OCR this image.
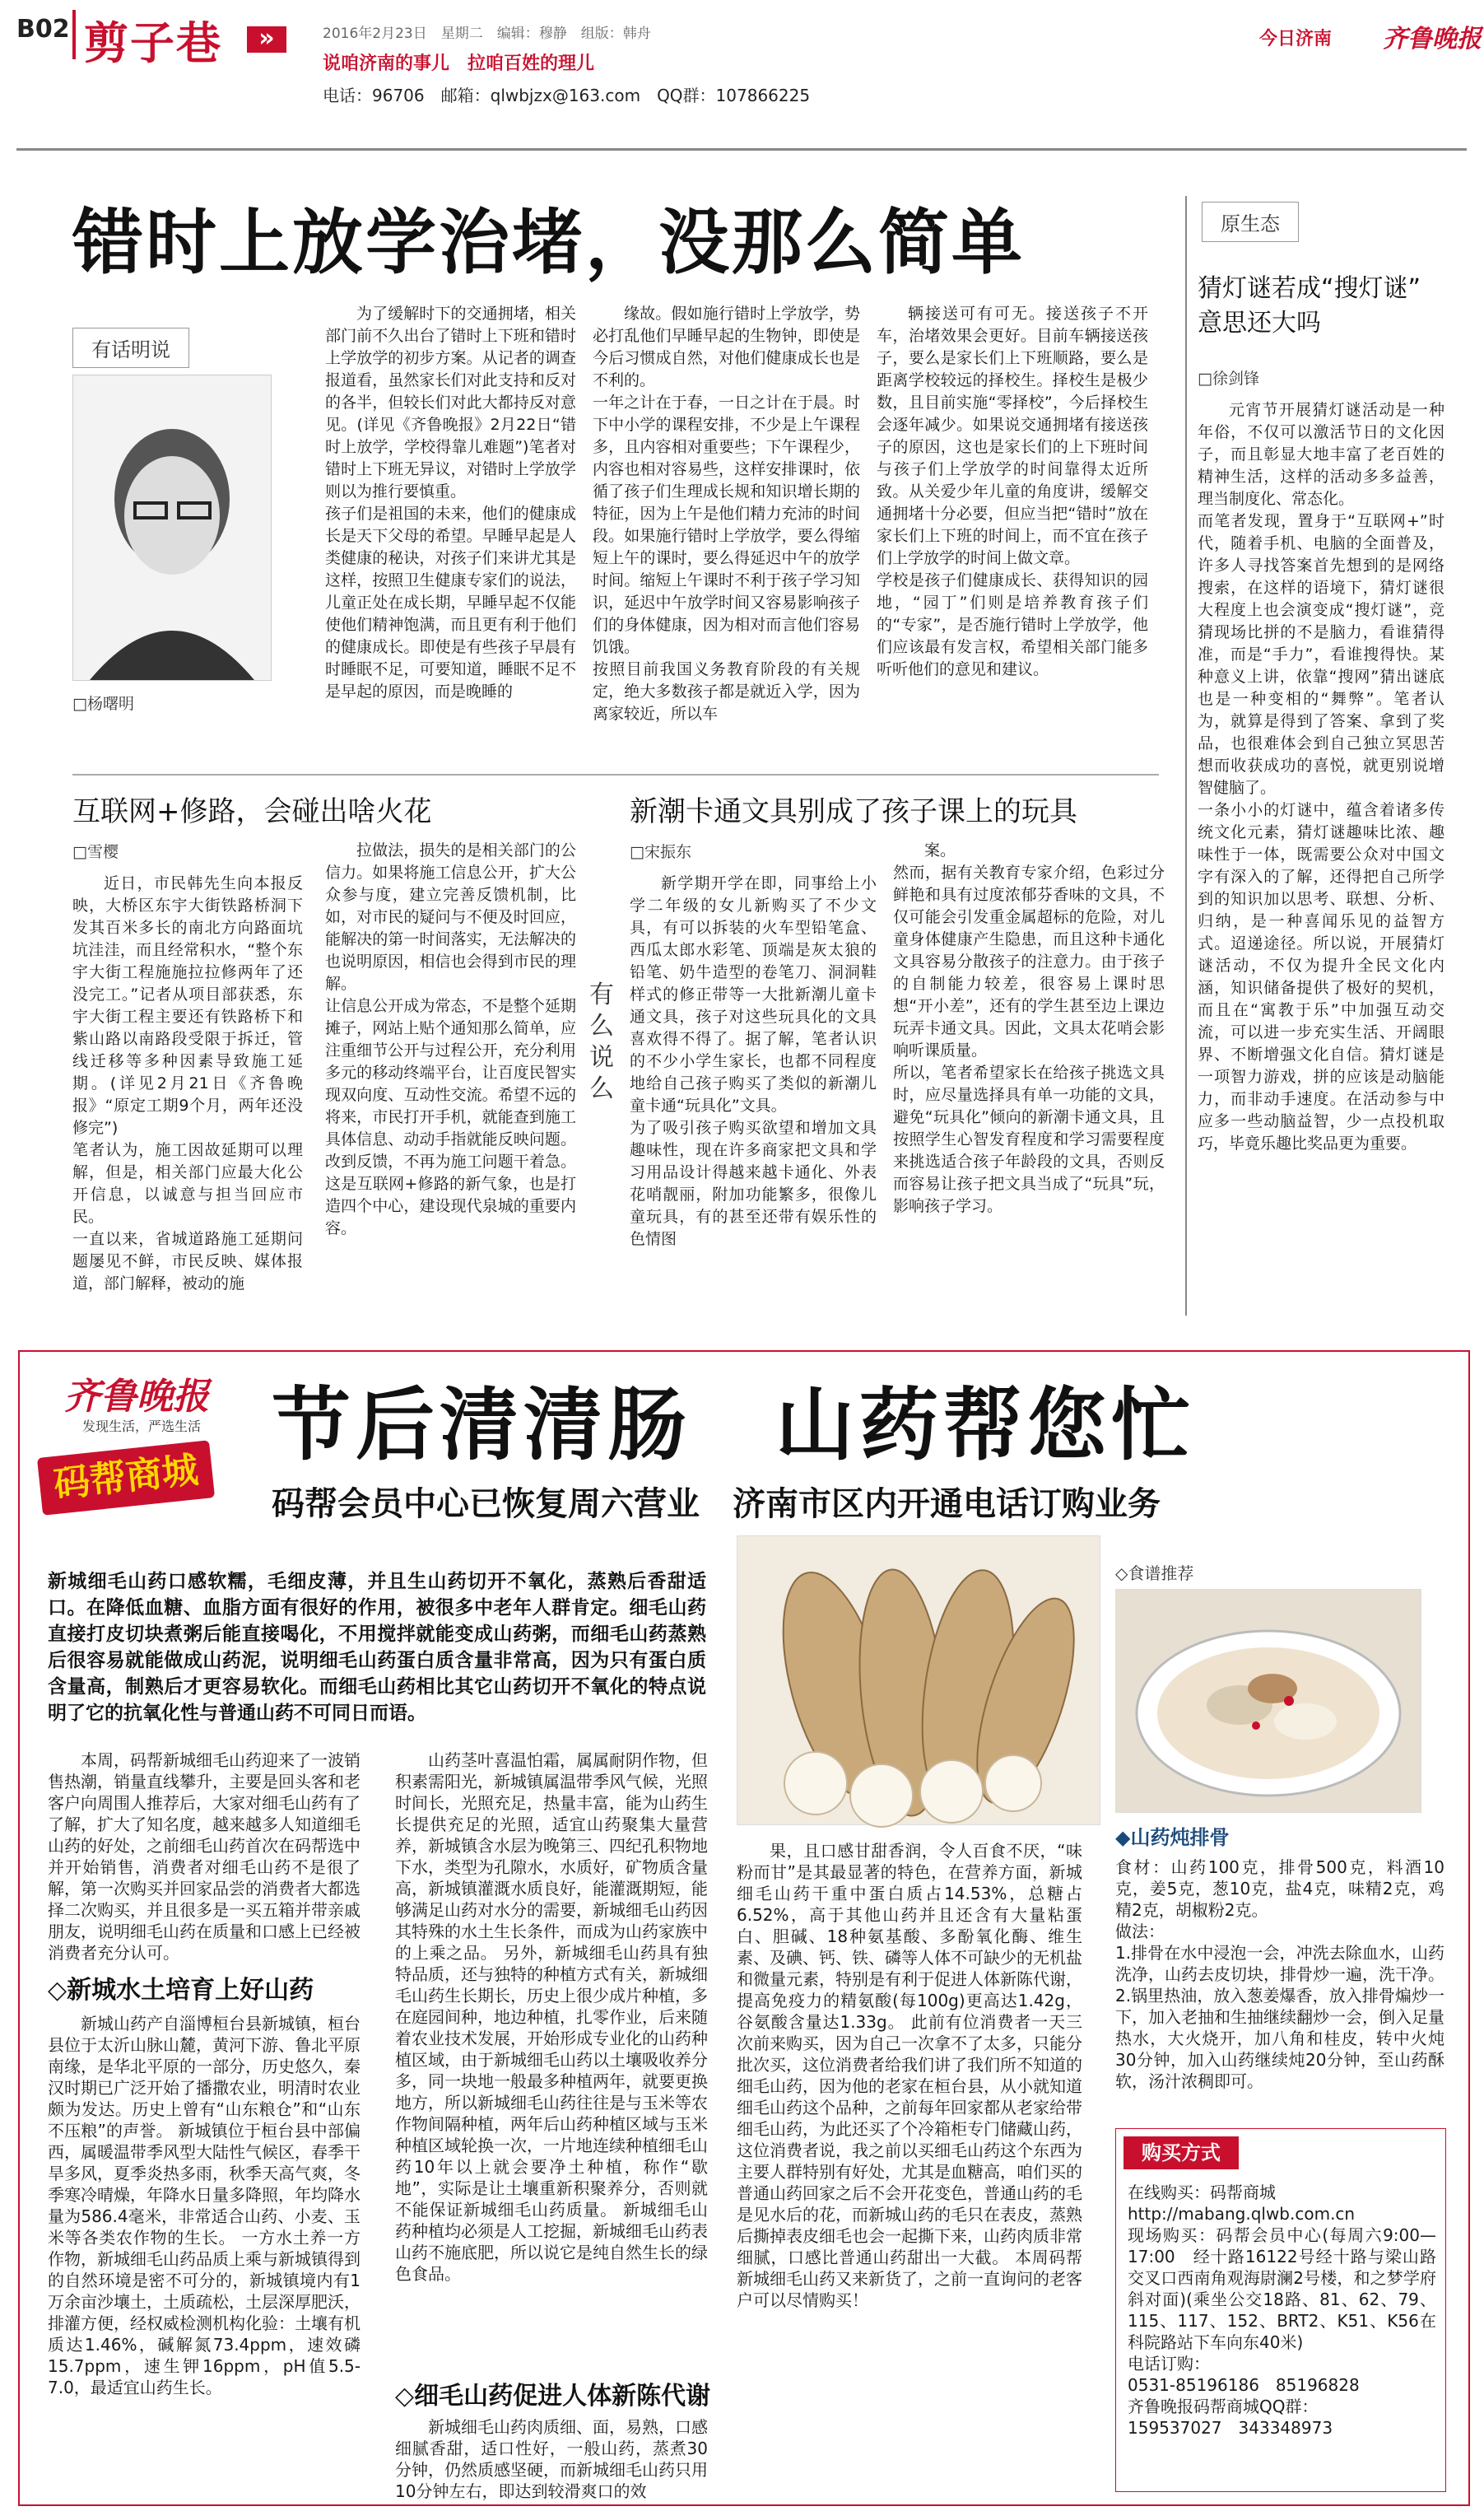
B02 剪子巷	»	2016年2月23日　星期二　编辑：穆静　组版：韩舟
说咱济南的事儿　拉咱百姓的理儿
电话：96706　邮箱：qlwbjzx@163.com　QQ群：107866225
今日济南 齐鲁晚报
错时上放学治堵，没那么简单
有话明说
□杨曙明

为了缓解时下的交通拥堵，相关部门前不久出台了错时上下班和错时上学放学的初步方案。从记者的调查报道看，虽然家长们对此支持和反对的各半，但较长们对此大都持反对意见。(详见《齐鲁晚报》2月22日“错时上放学，学校得靠儿难题”)笔者对错时上下班无异议，对错时上学放学则以为推行要慎重。
孩子们是祖国的未来，他们的健康成长是天下父母的希望。早睡早起是人类健康的秘诀，对孩子们来讲尤其是这样，按照卫生健康专家们的说法，儿童正处在成长期，早睡早起不仅能使他们精神饱满，而且更有利于他们的健康成长。即使是有些孩子早晨有时睡眠不足，可要知道，睡眠不足不是早起的原因，而是晚睡的

缘故。假如施行错时上学放学，势必打乱他们早睡早起的生物钟，即使是今后习惯成自然，对他们健康成长也是不利的。
一年之计在于春，一日之计在于晨。时下中小学的课程安排，不少是上午课程多，且内容相对重要些；下午课程少，内容也相对容易些，这样安排课时，依循了孩子们生理成长规和知识增长期的特征，因为上午是他们精力充沛的时间段。如果施行错时上学放学，要么得缩短上午的课时，要么得延迟中午的放学时间。缩短上午课时不利于孩子学习知识，延迟中午放学时间又容易影响孩子们的身体健康，因为相对而言他们容易饥饿。
按照目前我国义务教育阶段的有关规定，绝大多数孩子都是就近入学，因为离家较近，所以车

辆接送可有可无。接送孩子不开车，治堵效果会更好。目前车辆接送孩子，要么是家长们上下班顺路，要么是距离学校较远的择校生。择校生是极少数，且目前实施“零择校”，今后择校生会逐年减少。如果说交通拥堵有接送孩子的原因，这也是家长们的上下班时间与孩子们上学放学的时间靠得太近所致。从关爱少年儿童的角度讲，缓解交通拥堵十分必要，但应当把“错时”放在家长们上下班的时间上，而不宜在孩子们上学放学的时间上做文章。
学校是孩子们健康成长、获得知识的园地，“园丁”们则是培养教育孩子们的“专家”，是否施行错时上学放学，他们应该最有发言权，希望相关部门能多听听他们的意见和建议。

原生态
猜灯谜若成“搜灯谜”
意思还大吗
□徐剑锋

元宵节开展猜灯谜活动是一种年俗，不仅可以激活节日的文化因子，而且彰显大地丰富了老百姓的精神生活，这样的活动多多益善，理当制度化、常态化。
而笔者发现，置身于“互联网+”时代，随着手机、电脑的全面普及，许多人寻找答案首先想到的是网络搜索，在这样的语境下，猜灯谜很大程度上也会演变成“搜灯谜”，竞猜现场比拼的不是脑力，看谁猜得准，而是“手力”，看谁搜得快。某种意义上讲，依靠“搜网”猜出谜底也是一种变相的“舞弊”。笔者认为，就算是得到了答案、拿到了奖品，也很难体会到自己独立冥思苦想而收获成功的喜悦，就更别说增智健脑了。
一条小小的灯谜中，蕴含着诸多传统文化元素，猜灯谜趣味比浓、趣味性于一体，既需要公众对中国文字有深入的了解，还得把自己所学到的知识加以思考、联想、分析、归纳，是一种喜闻乐见的益智方式。迢递途径。所以说，开展猜灯谜活动，不仅为提升全民文化内涵，知识储备提供了极好的契机，而且在“寓教于乐”中加强互动交流，可以进一步充实生活、开阔眼界、不断增强文化自信。猜灯谜是一项智力游戏，拼的应该是动脑能力，而非动手速度。在活动参与中应多一些动脑益智，少一点投机取巧，毕竟乐趣比奖品更为重要。

互联网+修路，会碰出啥火花
□雪樱

近日，市民韩先生向本报反映，大桥区东宇大街铁路桥洞下发其百米多长的南北方向路面坑坑洼洼，而且经常积水，“整个东宇大街工程施施拉拉修两年了还没完工。”记者从项目部获悉，东宇大街工程主要还有铁路桥下和紫山路以南路段受限于拆迁，管线迁移等多种因素导致施工延期。(详见2月21日《齐鲁晚报》“原定工期9个月，两年还没修完”)
笔者认为，施工因故延期可以理解，但是，相关部门应最大化公开信息，以诚意与担当回应市民。
一直以来，省城道路施工延期问题屡见不鲜，市民反映、媒体报道，部门解释，被动的施

拉做法，损失的是相关部门的公信力。如果将施工信息公开，扩大公众参与度，建立完善反馈机制，比如，对市民的疑问与不便及时回应，能解决的第一时间落实，无法解决的也说明原因，相信也会得到市民的理解。
让信息公开成为常态，不是整个延期摊子，网站上贴个通知那么简单，应注重细节公开与过程公开，充分利用多元的移动终端平台，让百度民智实现双向度、互动性交流。希望不远的将来，市民打开手机，就能查到施工具体信息、动动手指就能反映问题。改到反馈，不再为施工问题干着急。这是互联网+修路的新气象，也是打造四个中心，建设现代泉城的重要内容。

有么说么
新潮卡通文具别成了孩子课上的玩具
□宋振东

新学期开学在即，同事给上小学二年级的女儿新购买了不少文具，有可以拆装的火车型铅笔盒、西瓜太郎水彩笔、顶端是灰太狼的铅笔、奶牛造型的卷笔刀、洞洞鞋样式的修正带等一大批新潮儿童卡通文具，孩子对这些玩具化的文具喜欢得不得了。据了解，笔者认识的不少小学生家长，也都不同程度地给自己孩子购买了类似的新潮儿童卡通“玩具化”文具。
为了吸引孩子购买欲望和增加文具趣味性，现在许多商家把文具和学习用品设计得越来越卡通化、外表花哨靓丽，附加功能繁多，很像儿童玩具，有的甚至还带有娱乐性的色情图

案。
然而，据有关教育专家介绍，色彩过分鲜艳和具有过度浓郁芬香味的文具，不仅可能会引发重金属超标的危险，对儿童身体健康产生隐患，而且这种卡通化文具容易分散孩子的注意力。由于孩子的自制能力较差，很容易上课时思想“开小差”，还有的学生甚至边上课边玩弄卡通文具。因此，文具太花哨会影响听课质量。
所以，笔者希望家长在给孩子挑选文具时，应尽量选择具有单一功能的文具，避免“玩具化”倾向的新潮卡通文具，且按照学生心智发育程度和学习需要程度来挑选适合孩子年龄段的文具，否则反而容易让孩子把文具当成了“玩具”玩，影响孩子学习。

齐鲁晚报
发现生活，严选生活
码帮商城
节后清清肠　山药帮您忙
码帮会员中心已恢复周六营业　济南市区内开通电话订购业务
新城细毛山药口感软糯，毛细皮薄，并且生山药切开不氧化，蒸熟后香甜适口。在降低血糖、血脂方面有很好的作用，被很多中老年人群肯定。细毛山药直接打皮切块煮粥后能直接喝化，不用搅拌就能变成山药粥，而细毛山药蒸熟后很容易就能做成山药泥，说明细毛山药蛋白质含量非常高，因为只有蛋白质含量高，制熟后才更容易软化。而细毛山药相比其它山药切开不氧化的特点说明了它的抗氧化性与普通山药不可同日而语。

本周，码帮新城细毛山药迎来了一波销售热潮，销量直线攀升，主要是回头客和老客户向周围人推荐后，大家对细毛山药有了了解，扩大了知名度，越来越多人知道细毛山药的好处，之前细毛山药首次在码帮选中并开始销售，消费者对细毛山药不是很了解，第一次购买并回家品尝的消费者大都选择二次购买，并且很多是一买五箱并带亲戚朋友，说明细毛山药在质量和口感上已经被消费者充分认可。

◇新城水土培育上好山药

新城山药产自淄博桓台县新城镇，桓台县位于太沂山脉山麓，黄河下游、鲁北平原南缘，是华北平原的一部分，历史悠久，秦汉时期已广泛开始了播撒农业，明清时农业颇为发达。历史上曾有“山东粮仓”和“山东不压粮”的声誉。 新城镇位于桓台县中部偏西，属暖温带季风型大陆性气候区，春季干旱多风，夏季炎热多雨，秋季天高气爽，冬季寒冷晴燥，年降水日量多降照，年均降水量为586.4毫米，非常适合山药、小麦、玉米等各类农作物的生长。 一方水土养一方作物，新城细毛山药品质上乘与新城镇得到的自然环境是密不可分的，新城镇境内有1万余亩沙壤土，土质疏松，土层深厚肥沃，排灌方便，经权威检测机构化验：土壤有机质达1.46%，碱解氮73.4ppm，速效磷15.7ppm，速生钾16ppm，pH值5.5-7.0，最适宜山药生长。

山药茎叶喜温怕霜，属属耐阴作物，但积素需阳光，新城镇属温带季风气候，光照时间长，光照充足，热量丰富，能为山药生长提供充足的光照，适宜山药聚集大量营养，新城镇含水层为晚第三、四纪孔积物地下水，类型为孔隙水，水质好，矿物质含量高，新城镇灌溉水质良好，能灌溉期短，能够满足山药对水分的需要，新城细毛山药因其特殊的水土生长条件，而成为山药家族中的上乘之品。 另外，新城细毛山药具有独特品质，还与独特的种植方式有关，新城细毛山药生长期长，历史上很少成片种植，多在庭园间种，地边种植，扎零作业，后来随着农业技术发展，开始形成专业化的山药种植区域，由于新城细毛山药以土壤吸收养分多，同一块地一般最多种植两年，就要更换地方，所以新城细毛山药往往是与玉米等农作物间隔种植，两年后山药种植区域与玉米种植区域轮换一次，一片地连续种植细毛山药10年以上就会要净土种植，称作“歇地”，实际是让土壤重新积聚养分，否则就不能保证新城细毛山药质量。 新城细毛山药种植均必须是人工挖掘，新城细毛山药表山药不施底肥，所以说它是纯自然生长的绿色食品。

◇细毛山药促进人体新陈代谢

新城细毛山药肉质细、面，易熟，口感细腻香甜，适口性好，一般山药，蒸煮30分钟，仍然质感坚硬，而新城细毛山药只用10分钟左右，即达到较滑爽口的效

果，且口感甘甜香润，令人百食不厌，“味粉而甘”是其最显著的特色，在营养方面，新城细毛山药干重中蛋白质占14.53%，总糖占6.52%，高于其他山药并且还含有大量粘蛋白、胆碱、18种氨基酸、多酚氧化酶、维生素、及碘、钙、铁、磷等人体不可缺少的无机盐和微量元素，特别是有利于促进人体新陈代谢，提高免疫力的精氨酸(每100g)更高达1.42g，谷氨酸含量达1.33g。 此前有位消费者一天三次前来购买，因为自己一次拿不了太多，只能分批次买，这位消费者给我们讲了我们所不知道的细毛山药，因为他的老家在桓台县，从小就知道细毛山药这个品种，之前每年回家都从老家给带细毛山药，为此还买了个冷箱柜专门储藏山药，这位消费者说，我之前以买细毛山药这个东西为主要人群特别有好处，尤其是血糖高，咱们买的普通山药回家之后不会开花变色，普通山药的毛是见水后的花，而新城山药的毛只在表皮，蒸熟后撕掉表皮细毛也会一起撕下来，山药肉质非常细腻，口感比普通山药甜出一大截。 本周码帮新城细毛山药又来新货了，之前一直询问的老客户可以尽情购买！

◇食谱推荐
◆山药炖排骨
食材：山药100克，排骨500克，料酒10克，姜5克，葱10克，盐4克，味精2克，鸡精2克，胡椒粉2克。
做法：
1.排骨在水中浸泡一会，冲洗去除血水，山药洗净，山药去皮切块，排骨炒一遍，洗干净。
2.锅里热油，放入葱姜爆香，放入排骨煸炒一下，加入老抽和生抽继续翻炒一会，倒入足量热水，大火烧开，加八角和桂皮，转中火炖30分钟，加入山药继续炖20分钟，至山药酥软，汤汁浓稠即可。
购买方式
在线购买：码帮商城
http://mabang.qlwb.com.cn
现场购买：码帮会员中心(每周六9:00—17:00　经十路16122号经十路与梁山路交叉口西南角观海尉澜2号楼，和之梦学府斜对面)(乘坐公交18路、81、62、79、115、117、152、BRT2、K51、K56在科院路站下车向东40米)
电话订购：
0531-85196186　85196828
齐鲁晚报码帮商城QQ群：
159537027　343348973
